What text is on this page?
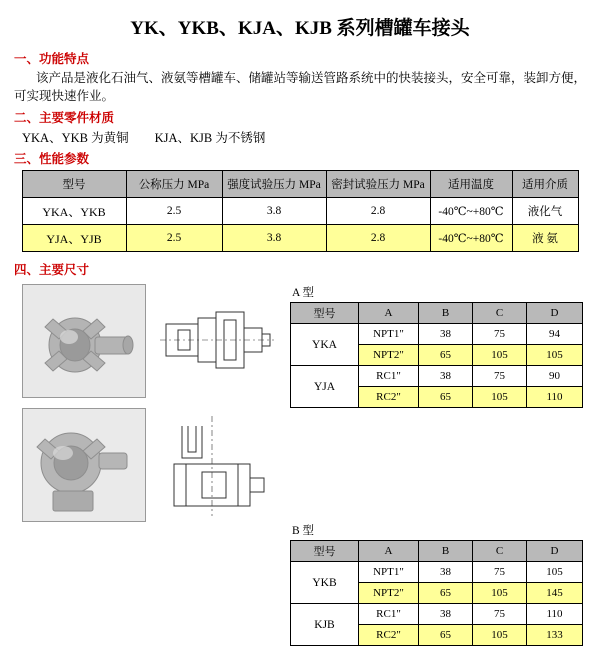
YK、YKB、KJA、KJB 系列槽罐车接头
一、功能特点
该产品是液化石油气、液氨等槽罐车、储罐站等输送管路系统中的快装接头，安全可靠，装卸方便，可实现快速作业。
二、主要零件材质
YKA、YKB 为黄铜 KJA、KJB 为不锈钢
三、性能参数
型号	公称压力 MPa	强度试验压力 MPa	密封试验压力 MPa	适用温度	适用介质
YKA、YKB	2.5	3.8	2.8	-40℃~+80℃	液化气
YJA、YJB	2.5	3.8	2.8	-40℃~+80℃	液 氨
四、主要尺寸

A 型
型号	A	B	C	D
YKA	NPT1"	38	75	94
	NPT2"	65	105	105
YJA	RC1"	38	75	90
	RC2"	65	105	110
B 型
型号	A	B	C	D
YKB	NPT1"	38	75	105
	NPT2"	65	105	145
KJB	RC1"	38	75	110
	RC2"	65	105	133
